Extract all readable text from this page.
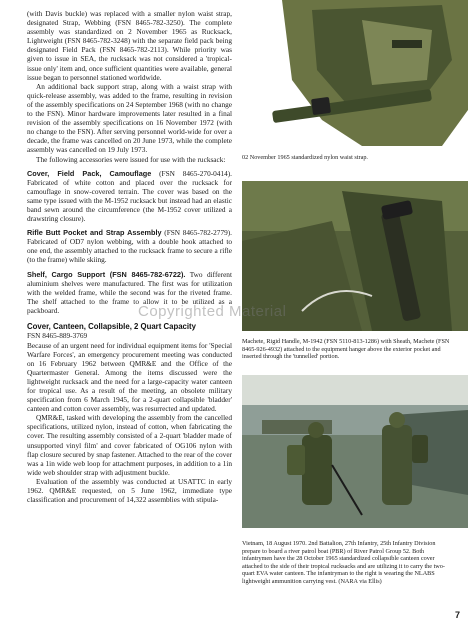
(with Davis buckle) was replaced with a smaller nylon waist strap, designated Strap, Webbing (FSN 8465-782-3250). The complete assembly was standardized on 2 November 1965 as Rucksack, Lightweight (FSN 8465-782-3248) with the separate field pack being designated Field Pack (FSN 8465-782-2113). While priority was given to issue in SEA, the rucksack was not considered a 'tropical-issue only' item and, once sufficient quantities were available, general issue began to personnel stationed worldwide.

An additional back support strap, along with a waist strap with quick-release assembly, was added to the frame, resulting in revision of the assembly specifications on 24 September 1968 (with no change to the FSN). Minor hardware improvements later resulted in a final revision of the assembly specifications on 16 November 1972 (with no change to the FSN). After serving personnel world-wide for over a decade, the frame was cancelled on 20 June 1973, while the complete assembly was cancelled on 19 July 1973.

The following accessories were issued for use with the rucksack:

Cover, Field Pack, Camouflage (FSN 8465-270-0414). Fabricated of white cotton and placed over the rucksack for camouflage in snow-covered terrain. The cover was based on the same type issued with the M-1952 rucksack but instead had an elastic band sewn around the circumference (the M-1952 cover utilized a drawstring closure).

Rifle Butt Pocket and Strap Assembly (FSN 8465-782-2779). Fabricated of OD7 nylon webbing, with a double hook attached to one end, the assembly attached to the rucksack frame to secure a rifle (to the frame) while skiing.

Shelf, Cargo Support (FSN 8465-782-6722). Two different aluminium shelves were manufactured. The first was for utilization with the welded frame, while the second was for the riveted frame. The shelf attached to the frame to allow it to be utilized as a packboard.

Cover, Canteen, Collapsible, 2 Quart Capacity
FSN 8465-889-3769

Because of an urgent need for individual equipment items for 'Special Warfare Forces', an emergency procurement meeting was conducted on 16 February 1962 between QMR&E and the Office of the Quartermaster General. Among the items discussed were the lightweight rucksack and the need for a large-capacity water canteen for tropical use. As a result of the meeting, an obsolete military specification from 6 March 1945, for a 2-quart collapsible 'bladder' canteen and cotton cover assembly, was resurrected and updated.

QMR&E, tasked with developing the assembly from the cancelled specifications, utilized nylon, instead of cotton, when fabricating the cover. The resulting assembly consisted of a 2-quart 'bladder made of unsupported vinyl film' and cover fabricated of OG106 nylon with flap closure secured by snap fastener. Attached to the rear of the cover was a 1in wide web loop for attachment purposes, in addition to a 1in wide web shoulder strap with adjustment buckle.

Evaluation of the assembly was conducted at USATTC in early 1962. QMR&E requested, on 5 June 1962, immediate type classification and procurement of 14,322 assemblies with stipula-

02 November 1965 standardized nylon waist strap.
Machete, Rigid Handle, M-1942 (FSN 5110-813-1286) with Sheath, Machete (FSN 8465-926-4932) attached to the equipment hanger above the exterior pocket and inserted through the 'tunnelled' portion.
Vietnam, 18 August 1970. 2nd Battalion, 27th Infantry, 25th Infantry Division prepare to board a river patrol boat (PBR) of River Patrol Group 52. Both infantrymen have the 28 October 1965 standardized collapsible canteen cover attached to the side of their tropical rucksacks and are utilizing it to carry the two-quart EVA water canteen. The infantryman to the right is wearing the NLABS lightweight ammunition carrying vest. (NARA via Ellis)
Copyrighted Material
7
